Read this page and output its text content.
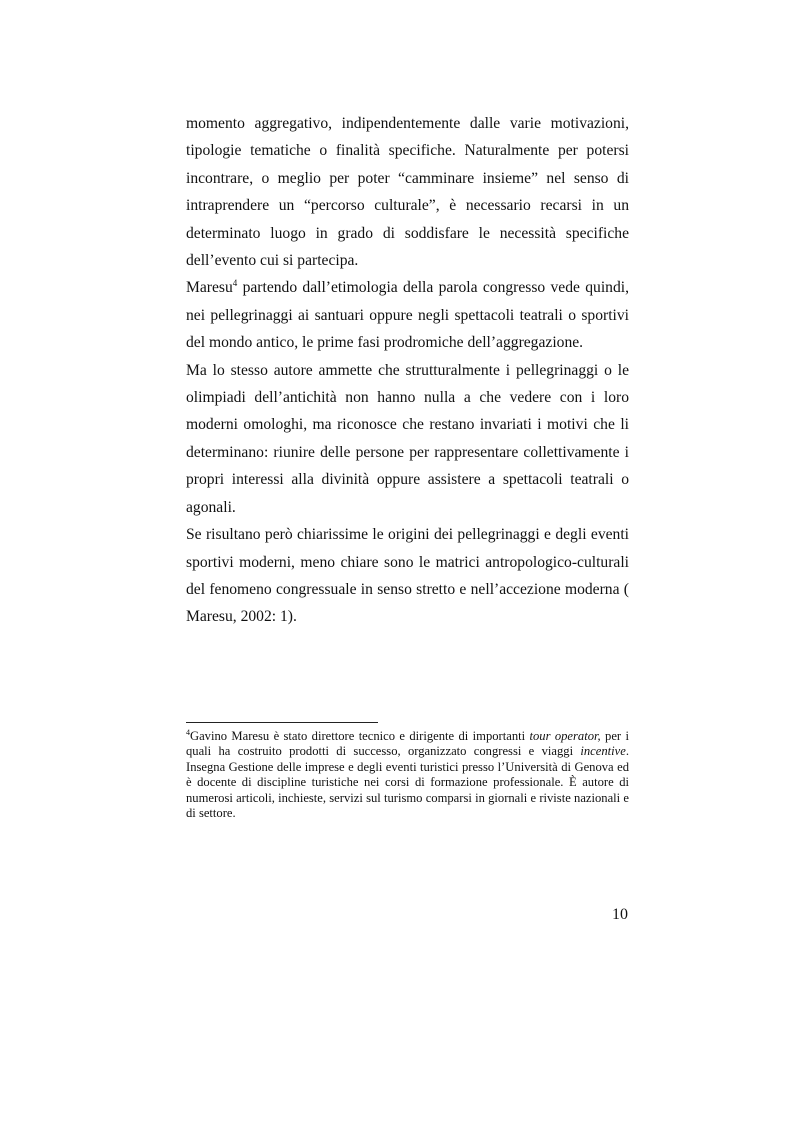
momento aggregativo, indipendentemente dalle varie motivazioni, tipologie tematiche o finalità specifiche. Naturalmente per potersi incontrare, o meglio per poter “camminare insieme” nel senso di intraprendere un “percorso culturale”, è necessario recarsi in un determinato luogo in grado di soddisfare le necessità specifiche dell’evento cui si partecipa.

Maresu$^4$ partendo dall’etimologia della parola congresso vede quindi, nei pellegrinaggi ai santuari oppure negli spettacoli teatrali o sportivi del mondo antico, le prime fasi prodromiche dell’aggregazione.

Ma lo stesso autore ammette che strutturalmente i pellegrinaggi o le olimpiadi dell’antichità non hanno nulla a che vedere con i loro moderni omologhi, ma riconosce che restano invariati i motivi che li determinano: riunire delle persone per rappresentare collettivamente i propri interessi alla divinità oppure assistere a spettacoli teatrali o agonali.

Se risultano però chiarissime le origini dei pellegrinaggi e degli eventi sportivi moderni, meno chiare sono le matrici antropologico-culturali del fenomeno congressuale in senso stretto e nell’accezione moderna ( Maresu, 2002: 1).

$^4$Gavino Maresu è stato direttore tecnico e dirigente di importanti tour operator, per i quali ha costruito prodotti di successo, organizzato congressi e viaggi incentive. Insegna Gestione delle imprese e degli eventi turistici presso l’Università di Genova ed è docente di discipline turistiche nei corsi di formazione professionale. È autore di numerosi articoli, inchieste, servizi sul turismo comparsi in giornali e riviste nazionali e di settore.
10
